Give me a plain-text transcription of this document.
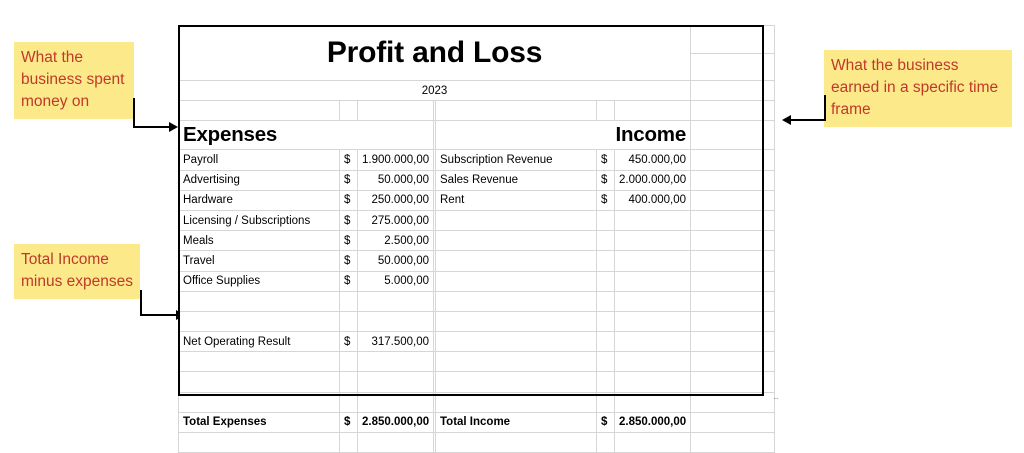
What the business spent money on
Total Income minus expenses
What the business earned in a specific time frame
Profit and Loss							

2023							

Expenses				Income			
Payroll	$	1.900.000,00		Subscription Revenue	$	450.000,00	
Advertising	$	50.000,00		Sales Revenue	$	2.000.000,00	
Hardware	$	250.000,00		Rent	$	400.000,00	
Licensing / Subscriptions	$	275.000,00					
Meals	$	2.500,00					
Travel	$	50.000,00					
Office Supplies	$	5.000,00					

Net Operating Result	$	317.500,00					

Total Expenses	$	2.850.000,00		Total Income	$	2.850.000,00	

···
